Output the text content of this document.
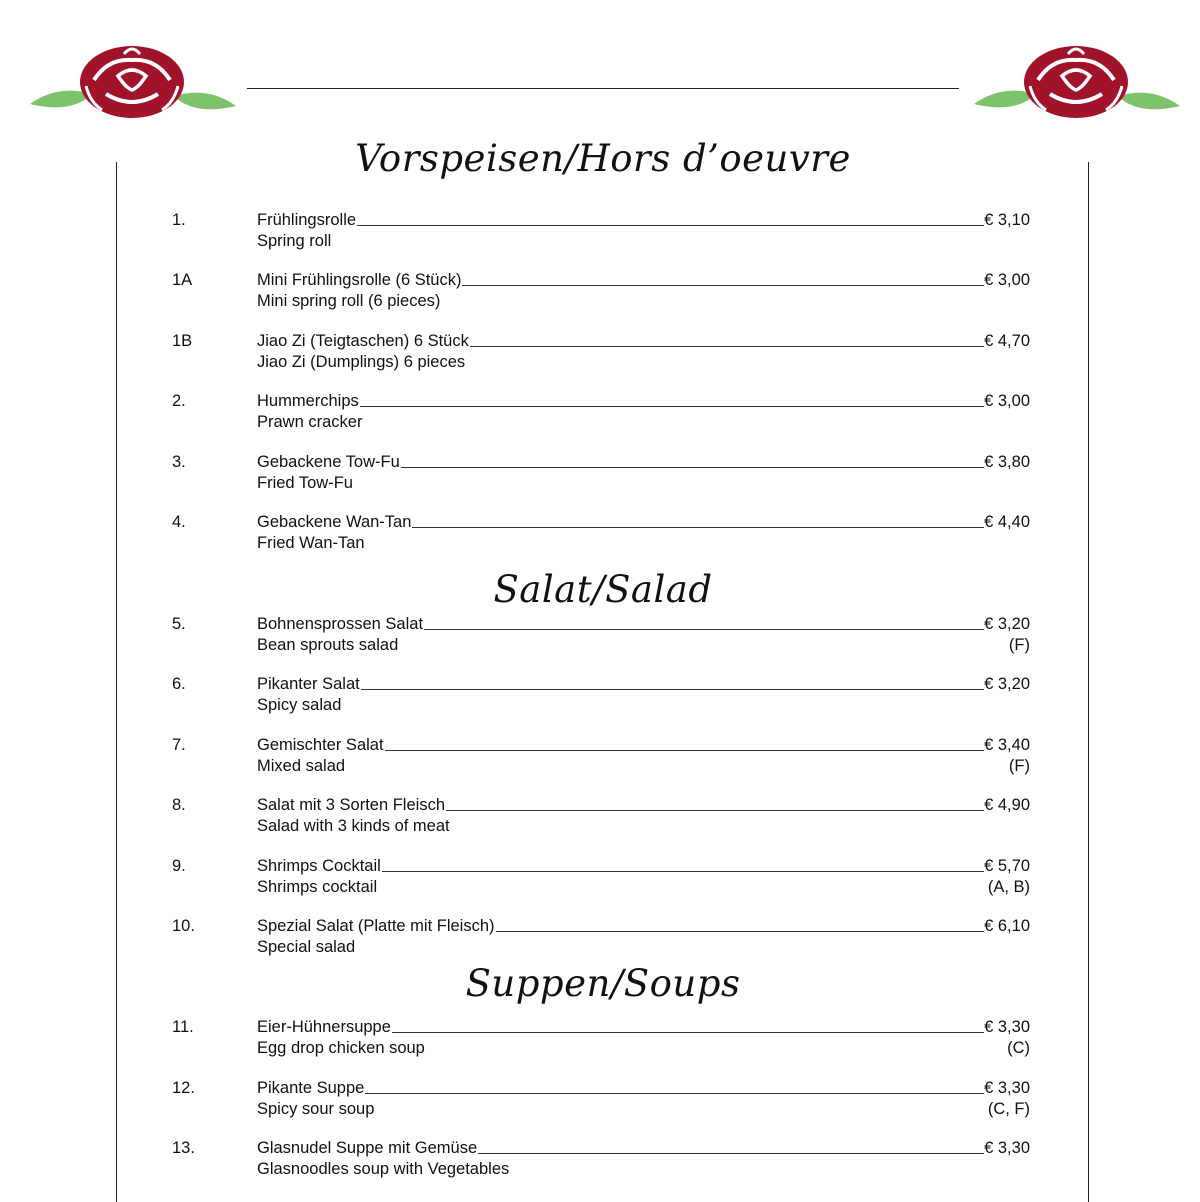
Vorspeisen/Hors d’oeuvre
Salat/Salad
Suppen/Soups
1.	Frühlingsrolle	€ 3,10
Spring roll
1A	Mini Frühlingsrolle (6 Stück)	€ 3,00
Mini spring roll (6 pieces)
1B	Jiao Zi (Teigtaschen) 6 Stück	€ 4,70
Jiao Zi (Dumplings) 6 pieces
2.	Hummerchips	€ 3,00
Prawn cracker
3.	Gebackene Tow-Fu	€ 3,80
Fried Tow-Fu
4.	Gebackene Wan-Tan	€ 4,40
Fried Wan-Tan
5.	Bohnensprossen Salat	€ 3,20
Bean sprouts salad	(F)
6.	Pikanter Salat	€ 3,20
Spicy salad
7.	Gemischter Salat	€ 3,40
Mixed salad	(F)
8.	Salat mit 3 Sorten Fleisch	€ 4,90
Salad with 3 kinds of meat
9.	Shrimps Cocktail	€ 5,70
Shrimps cocktail	(A, B)
10.	Spezial Salat (Platte mit Fleisch)	€ 6,10
Special salad
11.	Eier-Hühnersuppe	€ 3,30
Egg drop chicken soup	(C)
12.	Pikante Suppe	€ 3,30
Spicy sour soup	(C, F)
13.	Glasnudel Suppe mit Gemüse	€ 3,30
Glasnoodles soup with Vegetables
